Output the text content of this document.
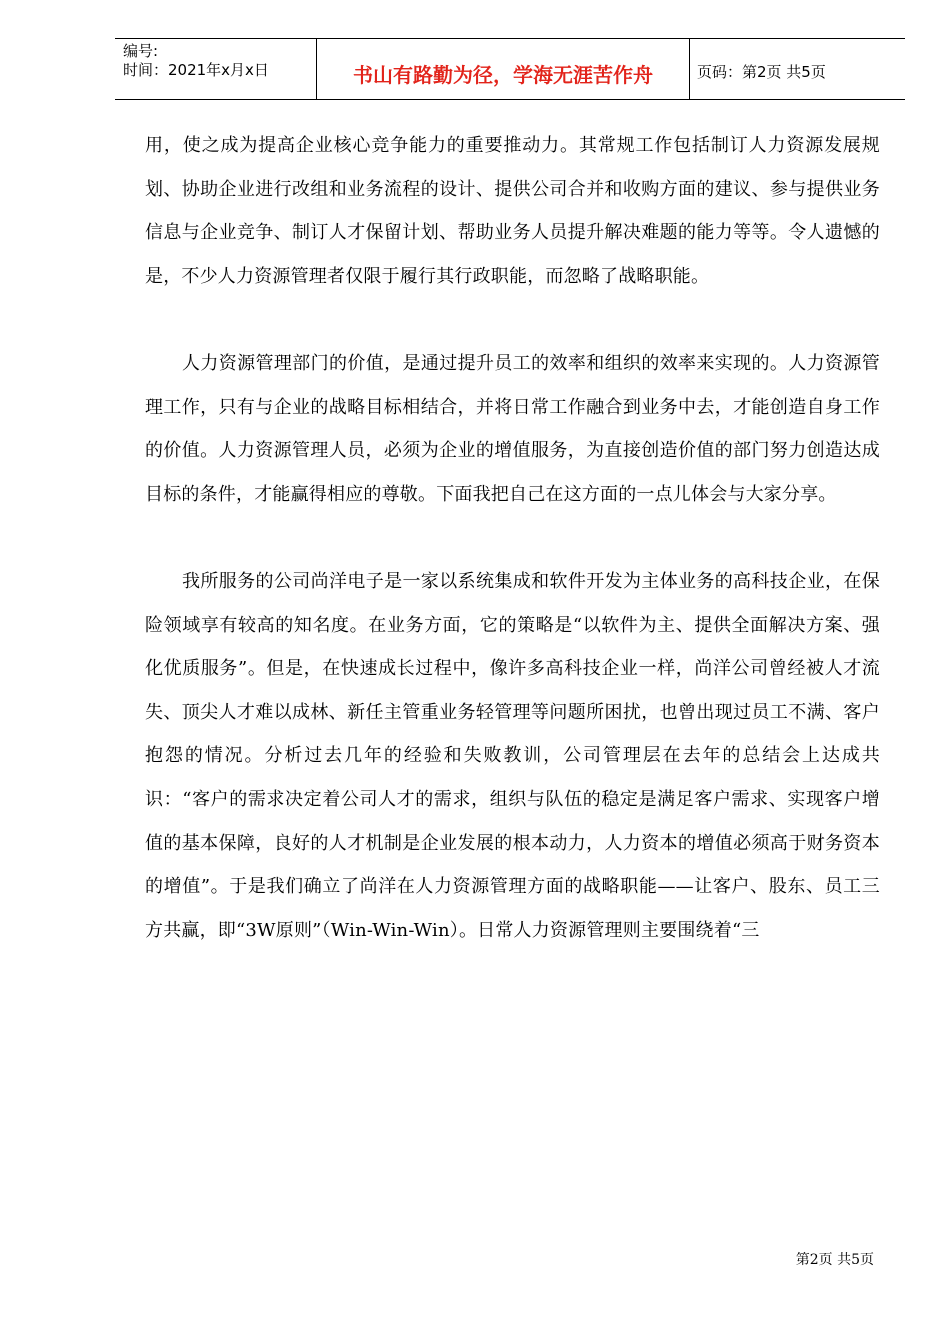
编号:
时间：2021年x月x日	书山有路勤为径，学海无涯苦作舟	页码：第2页 共5页

用，使之成为提高企业核心竞争能力的重要推动力。其常规工作包括制订人力资源发展规划、协助企业进行改组和业务流程的设计、提供公司合并和收购方面的建议、参与提供业务信息与企业竞争、制订人才保留计划、帮助业务人员提升解决难题的能力等等。令人遗憾的是，不少人力资源管理者仅限于履行其行政职能，而忽略了战略职能。

人力资源管理部门的价值，是通过提升员工的效率和组织的效率来实现的。人力资源管理工作，只有与企业的战略目标相结合，并将日常工作融合到业务中去，才能创造自身工作的价值。人力资源管理人员，必须为企业的增值服务，为直接创造价值的部门努力创造达成目标的条件，才能赢得相应的尊敬。下面我把自己在这方面的一点儿体会与大家分享。

我所服务的公司尚洋电子是一家以系统集成和软件开发为主体业务的高科技企业，在保险领域享有较高的知名度。在业务方面，它的策略是“以软件为主、提供全面解决方案、强化优质服务”。但是，在快速成长过程中，像许多高科技企业一样，尚洋公司曾经被人才流失、顶尖人才难以成林、新任主管重业务轻管理等问题所困扰，也曾出现过员工不满、客户抱怨的情况。分析过去几年的经验和失败教训，公司管理层在去年的总结会上达成共识：“客户的需求决定着公司人才的需求，组织与队伍的稳定是满足客户需求、实现客户增值的基本保障，良好的人才机制是企业发展的根本动力，人力资本的增值必须高于财务资本的增值”。于是我们确立了尚洋在人力资源管理方面的战略职能——让客户、股东、员工三方共赢，即“3W原则”（Win-Win-Win）。日常人力资源管理则主要围绕着“三

第2页 共5页
